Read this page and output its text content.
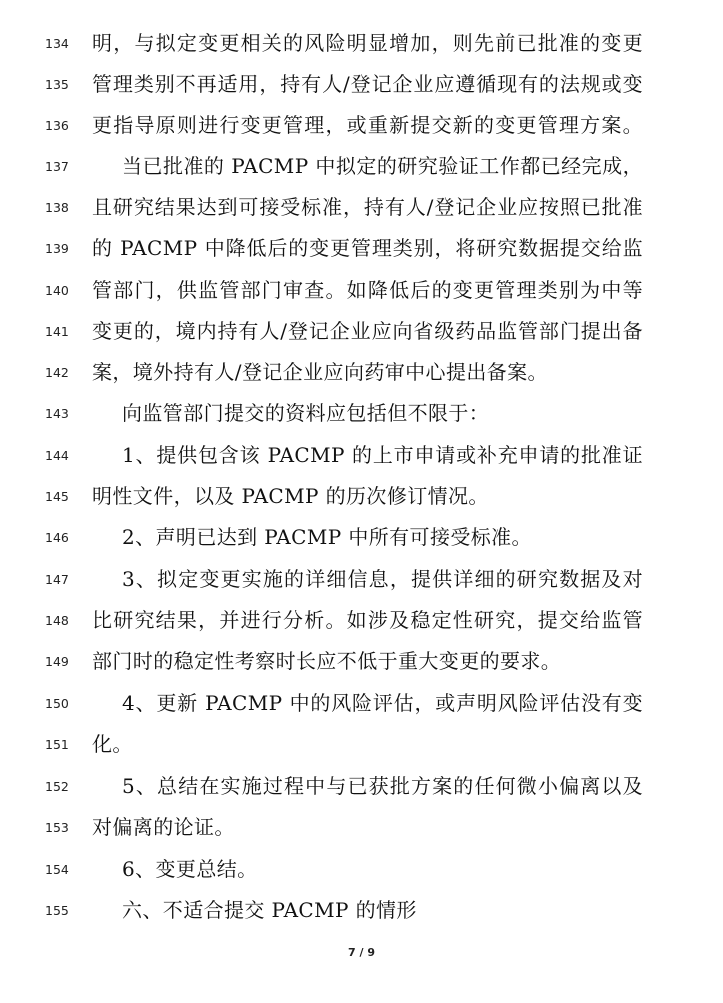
134	明，与拟定变更相关的风险明显增加，则先前已批准的变更
135	管理类别不再适用，持有人/登记企业应遵循现有的法规或变
136	更指导原则进行变更管理，或重新提交新的变更管理方案。
137	当已批准的 PACMP 中拟定的研究验证工作都已经完成，
138	且研究结果达到可接受标准，持有人/登记企业应按照已批准
139	的 PACMP 中降低后的变更管理类别，将研究数据提交给监
140	管部门，供监管部门审查。如降低后的变更管理类别为中等
141	变更的，境内持有人/登记企业应向省级药品监管部门提出备
142	案，境外持有人/登记企业应向药审中心提出备案。
143	向监管部门提交的资料应包括但不限于：
144	1、提供包含该 PACMP 的上市申请或补充申请的批准证
145	明性文件，以及 PACMP 的历次修订情况。
146	2、声明已达到 PACMP 中所有可接受标准。
147	3、拟定变更实施的详细信息，提供详细的研究数据及对
148	比研究结果，并进行分析。如涉及稳定性研究，提交给监管
149	部门时的稳定性考察时长应不低于重大变更的要求。
150	4、更新 PACMP 中的风险评估，或声明风险评估没有变
151	化。
152	5、总结在实施过程中与已获批方案的任何微小偏离以及
153	对偏离的论证。
154	6、变更总结。
155	六、不适合提交 PACMP 的情形
7 / 9
